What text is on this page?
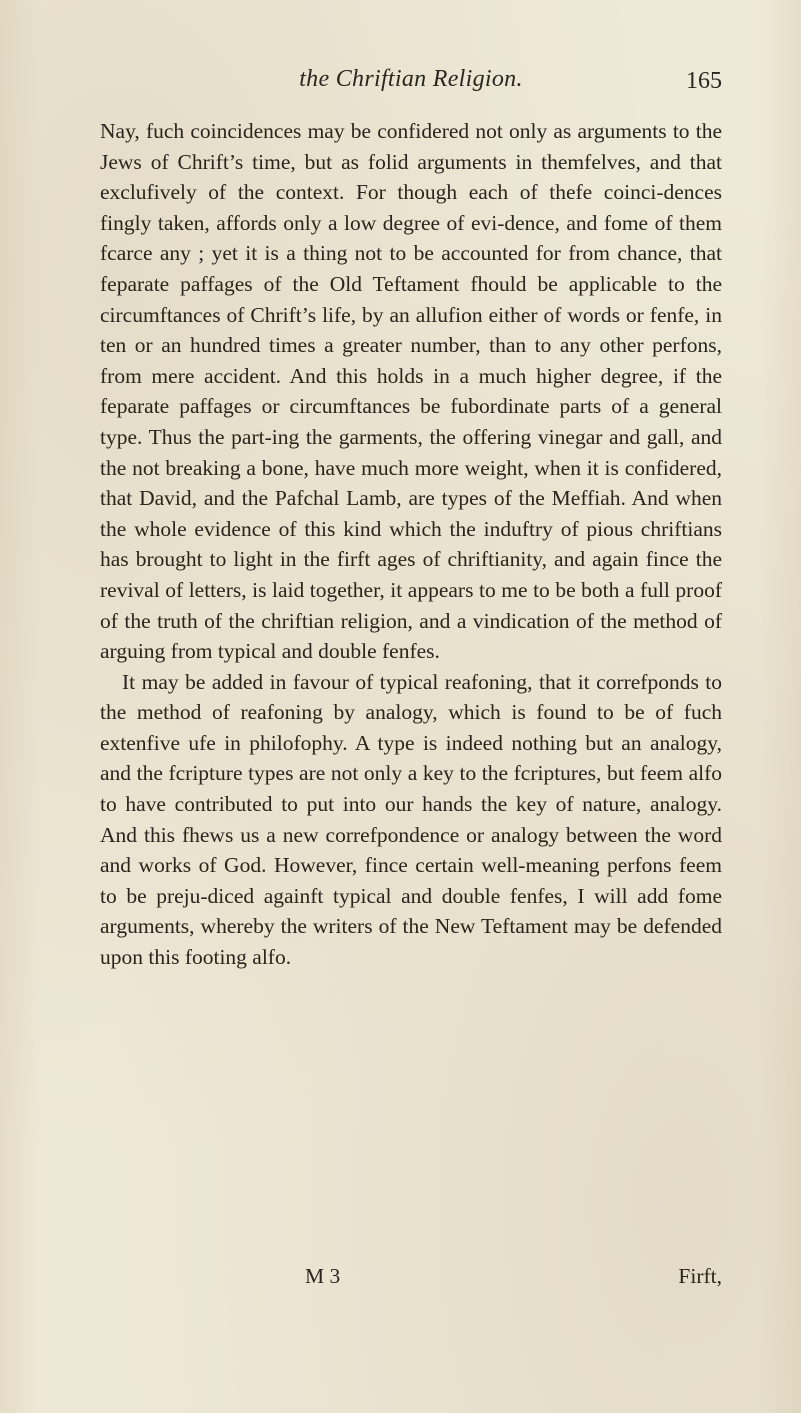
the Chriftian Religion.	165

Nay, fuch coincidences may be confidered not only as arguments to the Jews of Chrift’s time, but as folid arguments in themfelves, and that exclufively of the context. For though each of thefe coinci-dences fingly taken, affords only a low degree of evi-dence, and fome of them fcarce any ; yet it is a thing not to be accounted for from chance, that feparate paffages of the Old Teftament fhould be applicable to the circumftances of Chrift’s life, by an allufion either of words or fenfe, in ten or an hundred times a greater number, than to any other perfons, from mere accident. And this holds in a much higher degree, if the feparate paffages or circumftances be fubordinate parts of a general type. Thus the part-ing the garments, the offering vinegar and gall, and the not breaking a bone, have much more weight, when it is confidered, that David, and the Pafchal Lamb, are types of the Meffiah. And when the whole evidence of this kind which the induftry of pious chriftians has brought to light in the firft ages of chriftianity, and again fince the revival of letters, is laid together, it appears to me to be both a full proof of the truth of the chriftian religion, and a vindication of the method of arguing from typical and double fenfes.

It may be added in favour of typical reafoning, that it correfponds to the method of reafoning by analogy, which is found to be of fuch extenfive ufe in philofophy. A type is indeed nothing but an analogy, and the fcripture types are not only a key to the fcriptures, but feem alfo to have contributed to put into our hands the key of nature, analogy. And this fhews us a new correfpondence or analogy between the word and works of God. However, fince certain well-meaning perfons feem to be preju-diced againft typical and double fenfes, I will add fome arguments, whereby the writers of the New Teftament may be defended upon this footing alfo.

M 3	Firft,
